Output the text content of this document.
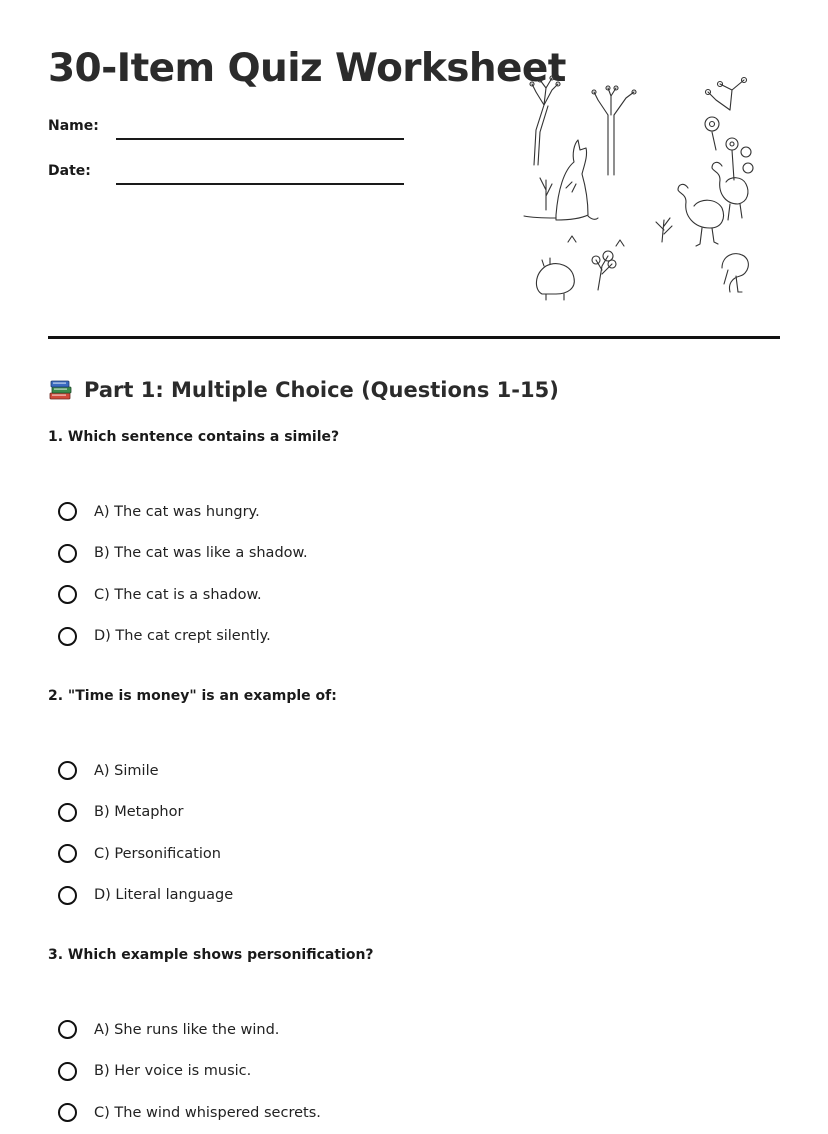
30-Item Quiz Worksheet
Name:
Date:
Part 1: Multiple Choice (Questions 1-15)
1. Which sentence contains a simile?
A) The cat was hungry.
B) The cat was like a shadow.
C) The cat is a shadow.
D) The cat crept silently.
2. "Time is money" is an example of:
A) Simile
B) Metaphor
C) Personification
D) Literal language
3. Which example shows personification?
A) She runs like the wind.
B) Her voice is music.
C) The wind whispered secrets.
